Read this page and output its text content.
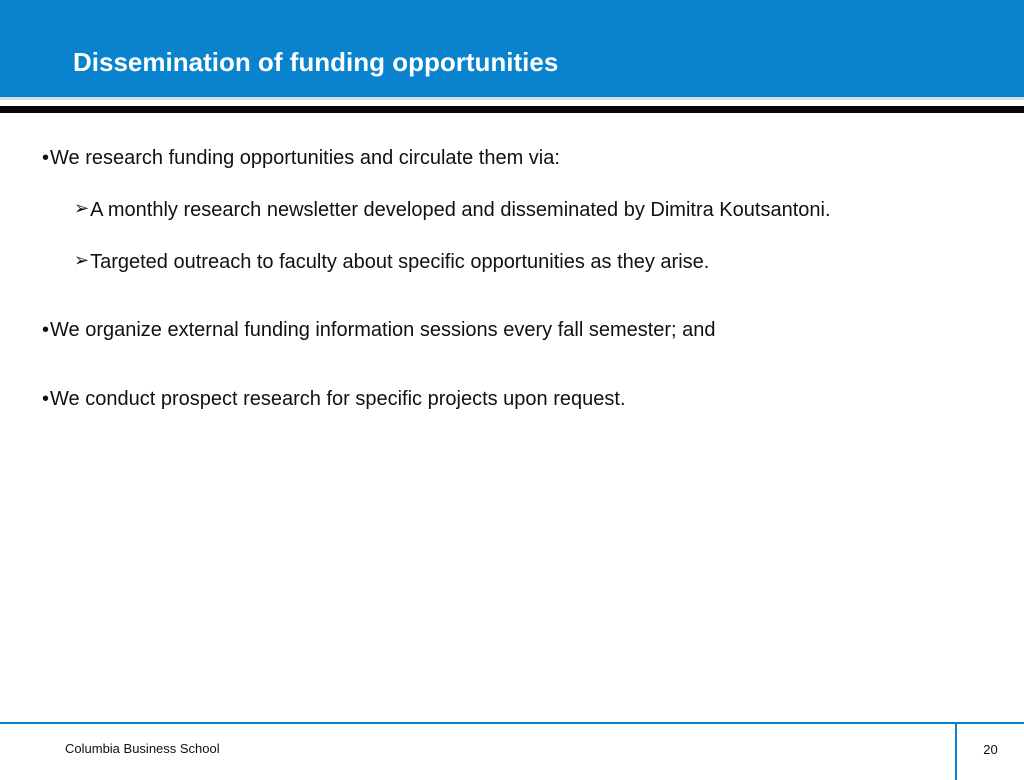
Dissemination of funding opportunities
•We research funding opportunities and circulate them via:
➢A monthly research newsletter developed and disseminated by Dimitra Koutsantoni.
➢Targeted outreach to faculty about specific opportunities as they arise.
•We organize external funding information sessions every fall semester; and
•We conduct prospect research for specific projects upon request.
Columbia Business School	20
